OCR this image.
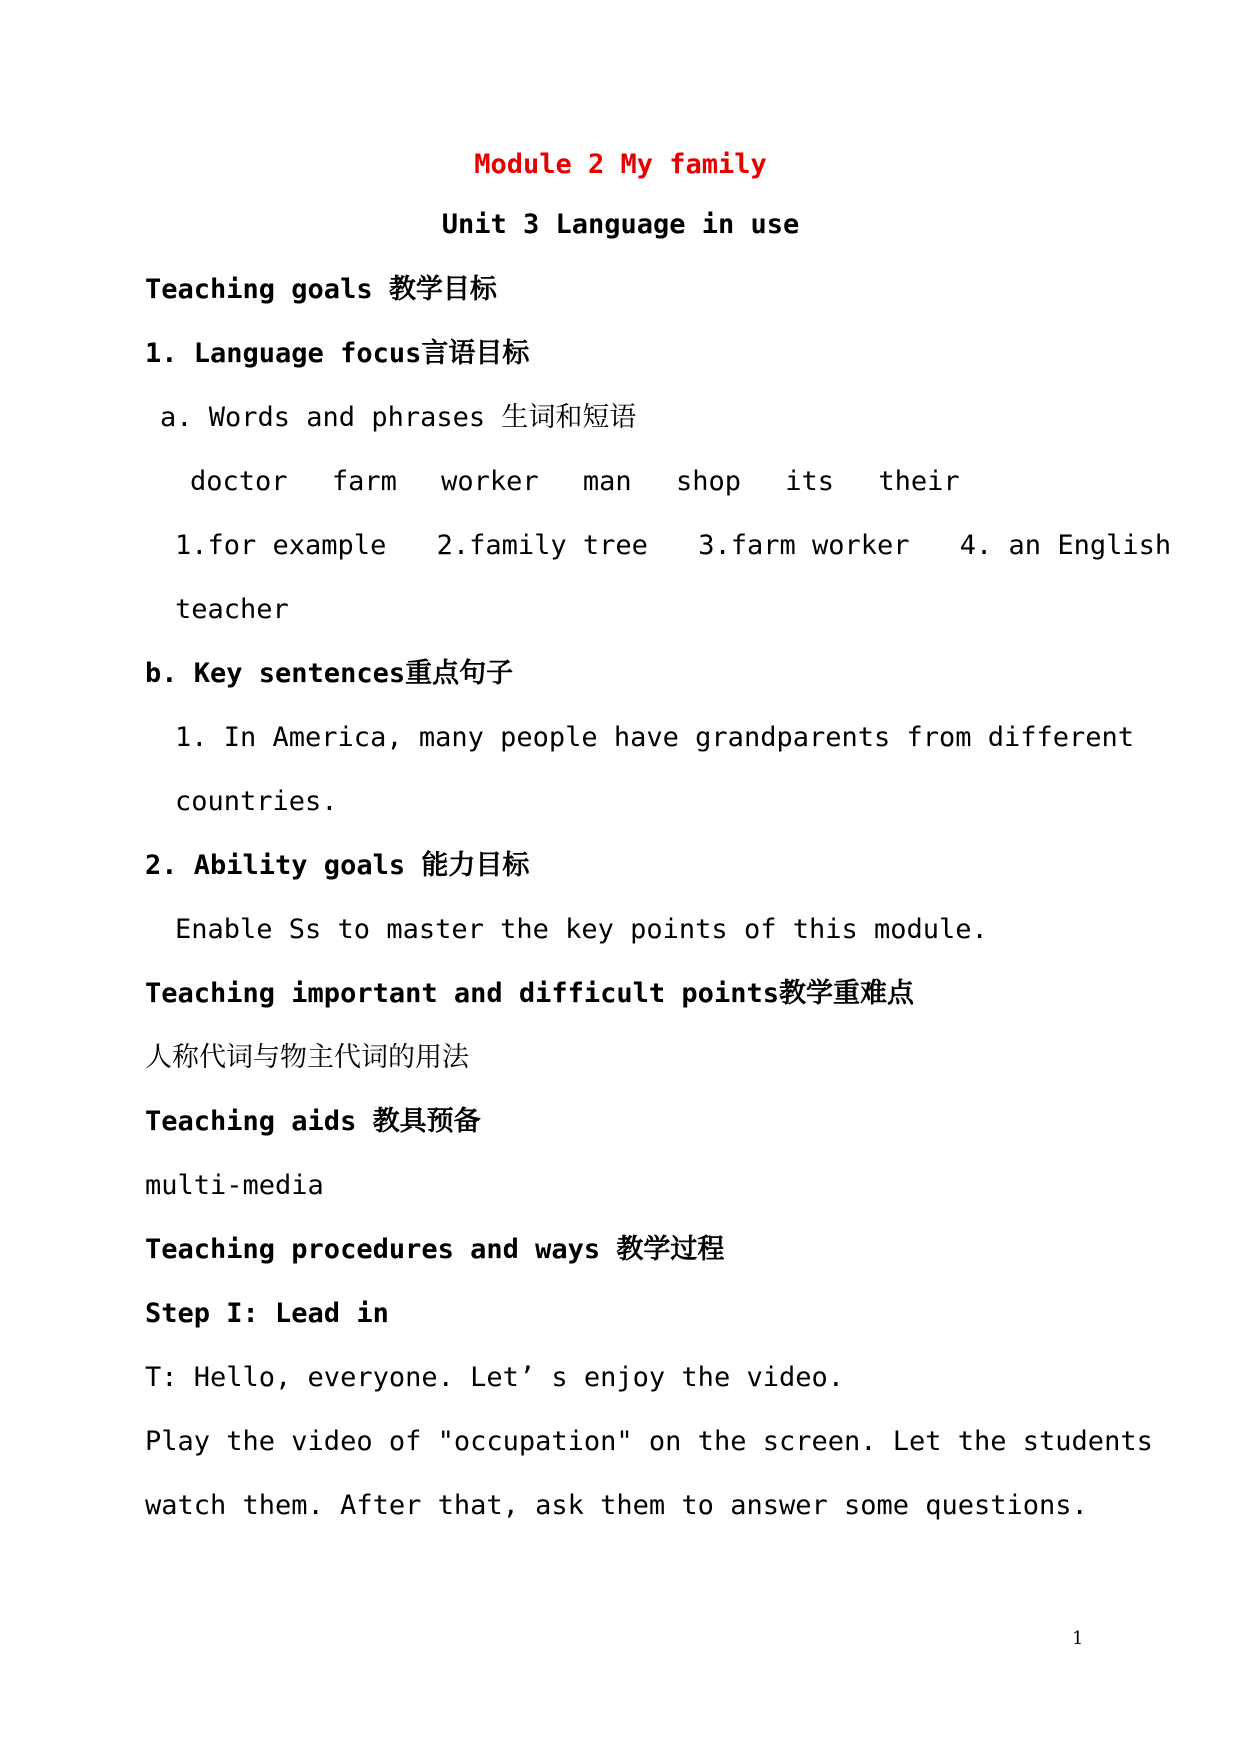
Module 2 My family
Unit 3 Language in use
Teaching goals 教学目标
1. Language focus言语目标
a. Words and phrases 生词和短语
doctor farm worker man shop its their
1.for example 2.family tree 3.farm worker 4. an English
teacher
b. Key sentences重点句子
1. In America, many people have grandparents from different
countries.
2. Ability goals 能力目标
Enable Ss to master the key points of this module.
Teaching important and difficult points教学重难点
人称代词与物主代词的用法
Teaching aids 教具预备
multi-media
Teaching procedures and ways 教学过程
Step I: Lead in
T: Hello, everyone. Let’ s enjoy the video.
Play the video of "occupation" on the screen. Let the students
watch them. After that, ask them to answer some questions.
1
